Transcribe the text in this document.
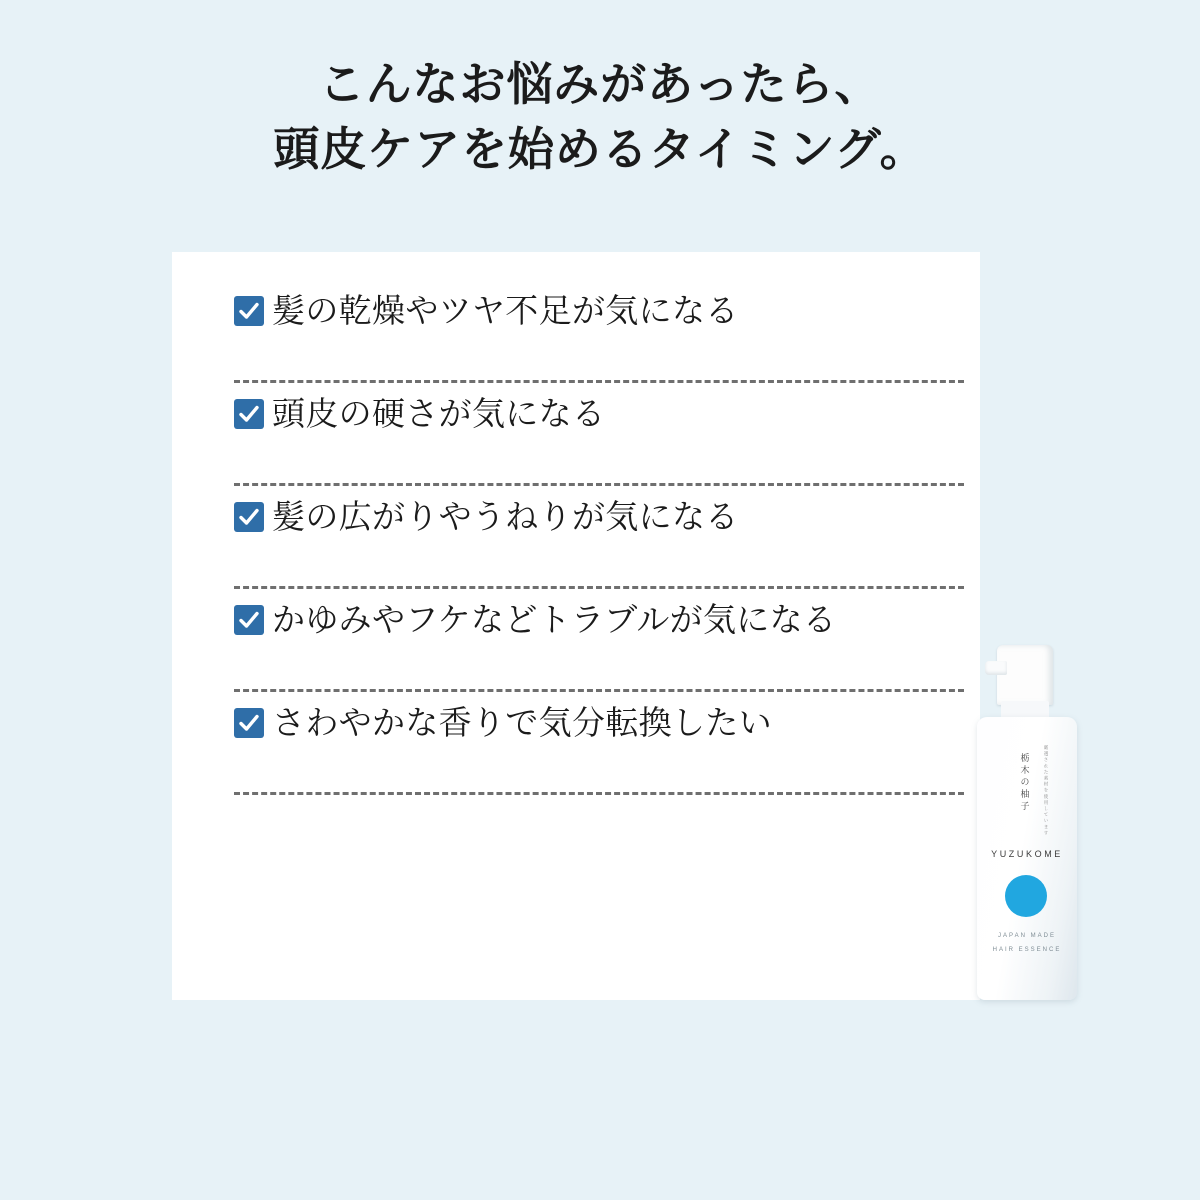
こんなお悩みがあったら、
頭皮ケアを始めるタイミング。
髪の乾燥やツヤ不足が気になる
頭皮の硬さが気になる
髪の広がりやうねりが気になる
かゆみやフケなどトラブルが気になる
さわやかな香りで気分転換したい
厳選された素材を使用しています
栃木の柚子
YUZUKOME
JAPAN MADE
HAIR ESSENCE
